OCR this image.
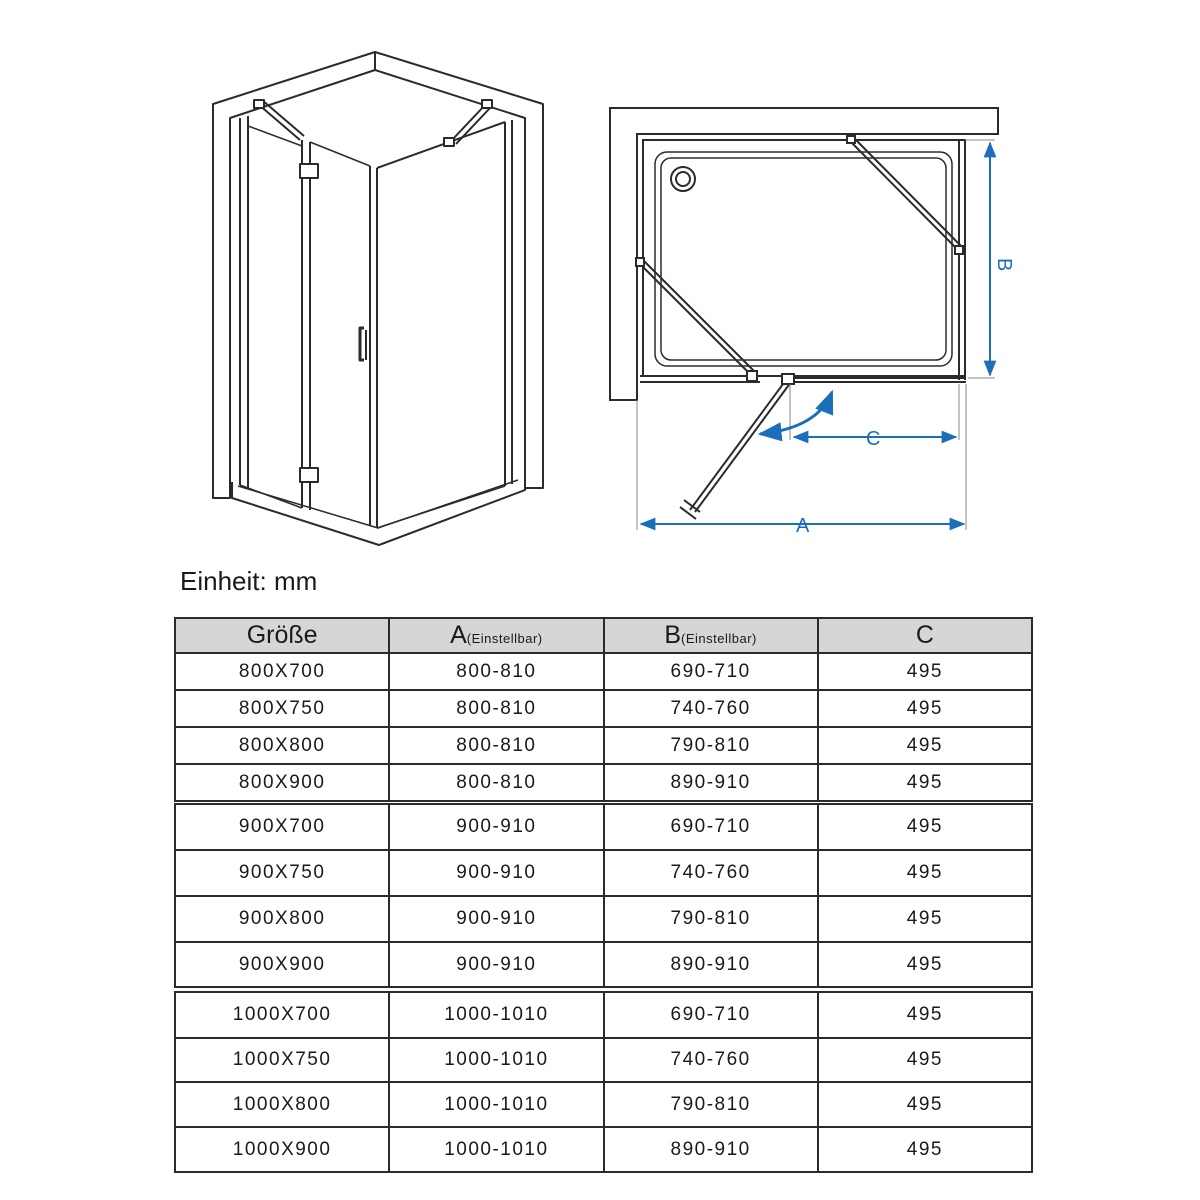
A
C
B
Einheit: mm
Größe	A(Einstellbar)	B(Einstellbar)	C
800X700	800-810	690-710	495
800X750	800-810	740-760	495
800X800	800-810	790-810	495
800X900	800-810	890-910	495
900X700	900-910	690-710	495
900X750	900-910	740-760	495
900X800	900-910	790-810	495
900X900	900-910	890-910	495
1000X700	1000-1010	690-710	495
1000X750	1000-1010	740-760	495
1000X800	1000-1010	790-810	495
1000X900	1000-1010	890-910	495
